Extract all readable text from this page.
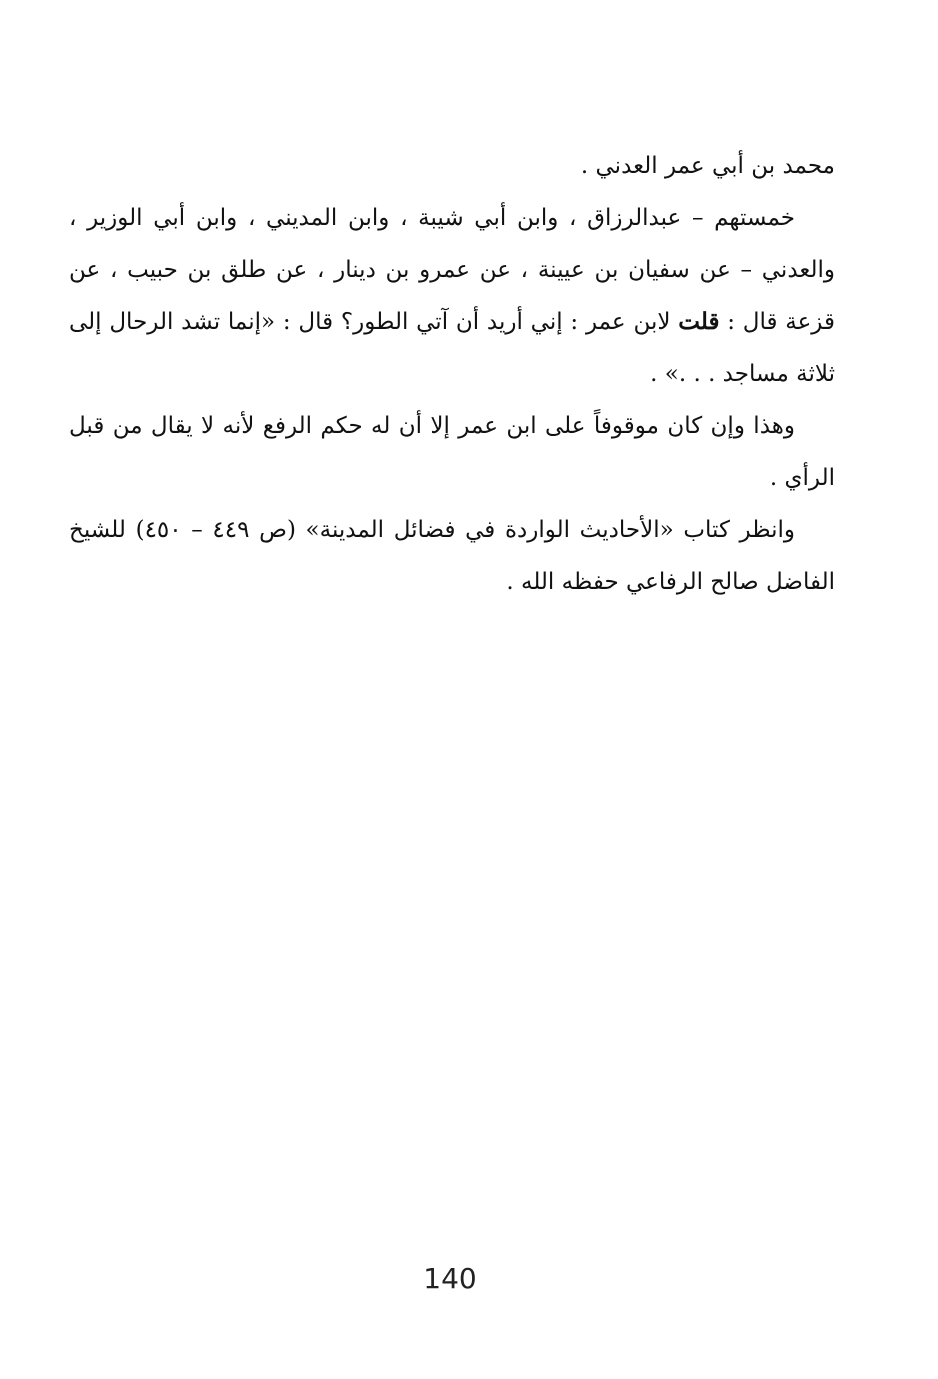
محمد بن أبي عمر العدني .

خمستهم – عبدالرزاق ، وابن أبي شيبة ، وابن المديني ، وابن أبي الوزير ، والعدني – عن سفيان بن عيينة ، عن عمرو بن دينار ، عن طلق بن حبيب ، عن قزعة قال : قلت لابن عمر : إني أريد أن آتي الطور؟ قال : «إنما تشد الرحال إلى ثلاثة مساجد . . .» .

وهذا وإن كان موقوفاً على ابن عمر إلا أن له حكم الرفع لأنه لا يقال من قبل الرأي .

وانظر كتاب «الأحاديث الواردة في فضائل المدينة» (ص ٤٤٩ – ٤٥٠) للشيخ الفاضل صالح الرفاعي حفظه الله .

140
